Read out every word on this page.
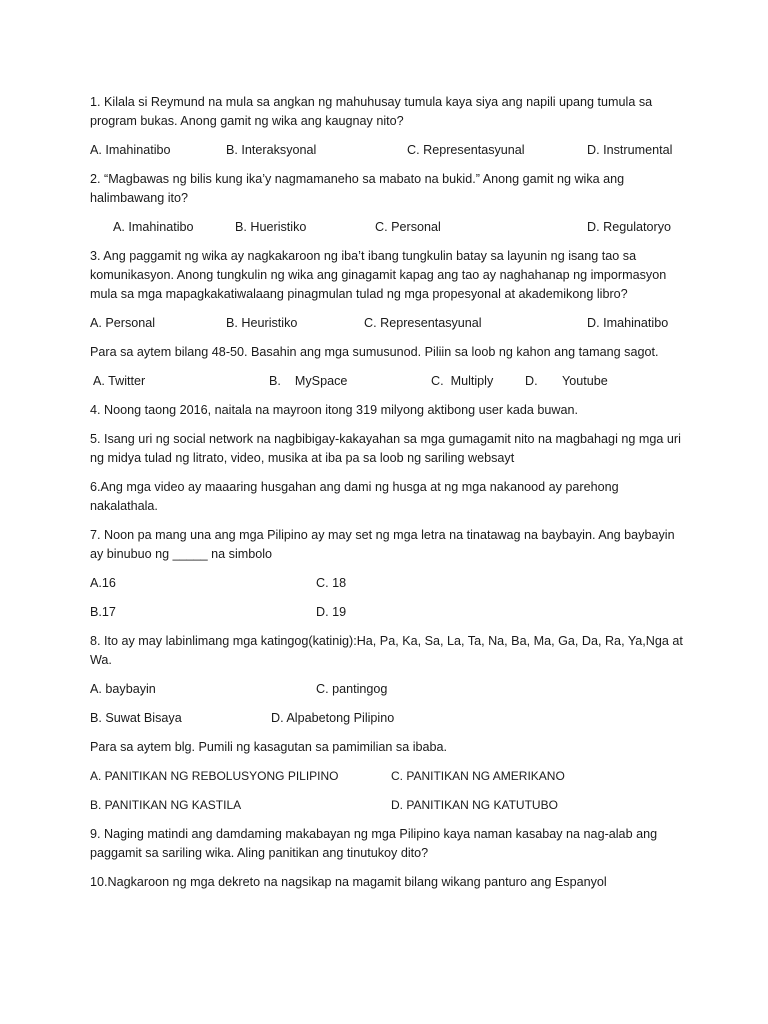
1. Kilala si Reymund na mula sa angkan ng mahuhusay tumula kaya siya ang napili upang tumula sa
program bukas. Anong gamit ng wika ang kaugnay nito?
A. Imahinatibo	B. Interaksyonal	C. Representasyunal	D. Instrumental
2. “Magbawas ng bilis kung ika’y nagmamaneho sa mabato na bukid.” Anong gamit ng wika ang
halimbawang ito?
A. Imahinatibo	B. Hueristiko	C. Personal	D. Regulatoryo
3. Ang paggamit ng wika ay nagkakaroon ng iba’t ibang tungkulin batay sa layunin ng isang tao sa
komunikasyon. Anong tungkulin ng wika ang ginagamit kapag ang tao ay naghahanap ng impormasyon
mula sa mga mapagkakatiwalaang pinagmulan tulad ng mga propesyonal at akademikong libro?
A. Personal	B. Heuristiko	C. Representasyunal	D. Imahinatibo
Para sa aytem bilang 48-50. Basahin ang mga sumusunod. Piliin sa loob ng kahon ang tamang sagot.
A. Twitter	B.    MySpace	C.  Multiply	D. Youtube
4. Noong taong 2016, naitala na mayroon itong 319 milyong aktibong user kada buwan.
5. Isang uri ng social network na nagbibigay-kakayahan sa mga gumagamit nito na magbahagi ng mga uri
ng midya tulad ng litrato, video, musika at iba pa sa loob ng sariling websayt
6.Ang mga video ay maaaring husgahan ang dami ng husga at ng mga nakanood ay parehong
nakalathala.
7. Noon pa mang una ang mga Pilipino ay may set ng mga letra na tinatawag na baybayin. Ang baybayin
ay binubuo ng _____ na simbolo
A.16	C. 18
B.17	D. 19
8. Ito ay may labinlimang mga katingog(katinig):Ha, Pa, Ka, Sa, La, Ta, Na, Ba, Ma, Ga, Da, Ra, Ya,Nga at
Wa.
A. baybayin	C. pantingog
B. Suwat Bisaya	D. Alpabetong Pilipino
Para sa aytem blg. Pumili ng kasagutan sa pamimilian sa ibaba.
A. PANITIKAN NG REBOLUSYONG PILIPINO	C. PANITIKAN NG AMERIKANO
B. PANITIKAN NG KASTILA	D. PANITIKAN NG KATUTUBO
9. Naging matindi ang damdaming makabayan ng mga Pilipino kaya naman kasabay na nag-alab ang
paggamit sa sariling wika. Aling panitikan ang tinutukoy dito?
10.Nagkaroon ng mga dekreto na nagsikap na magamit bilang wikang panturo ang Espanyol
